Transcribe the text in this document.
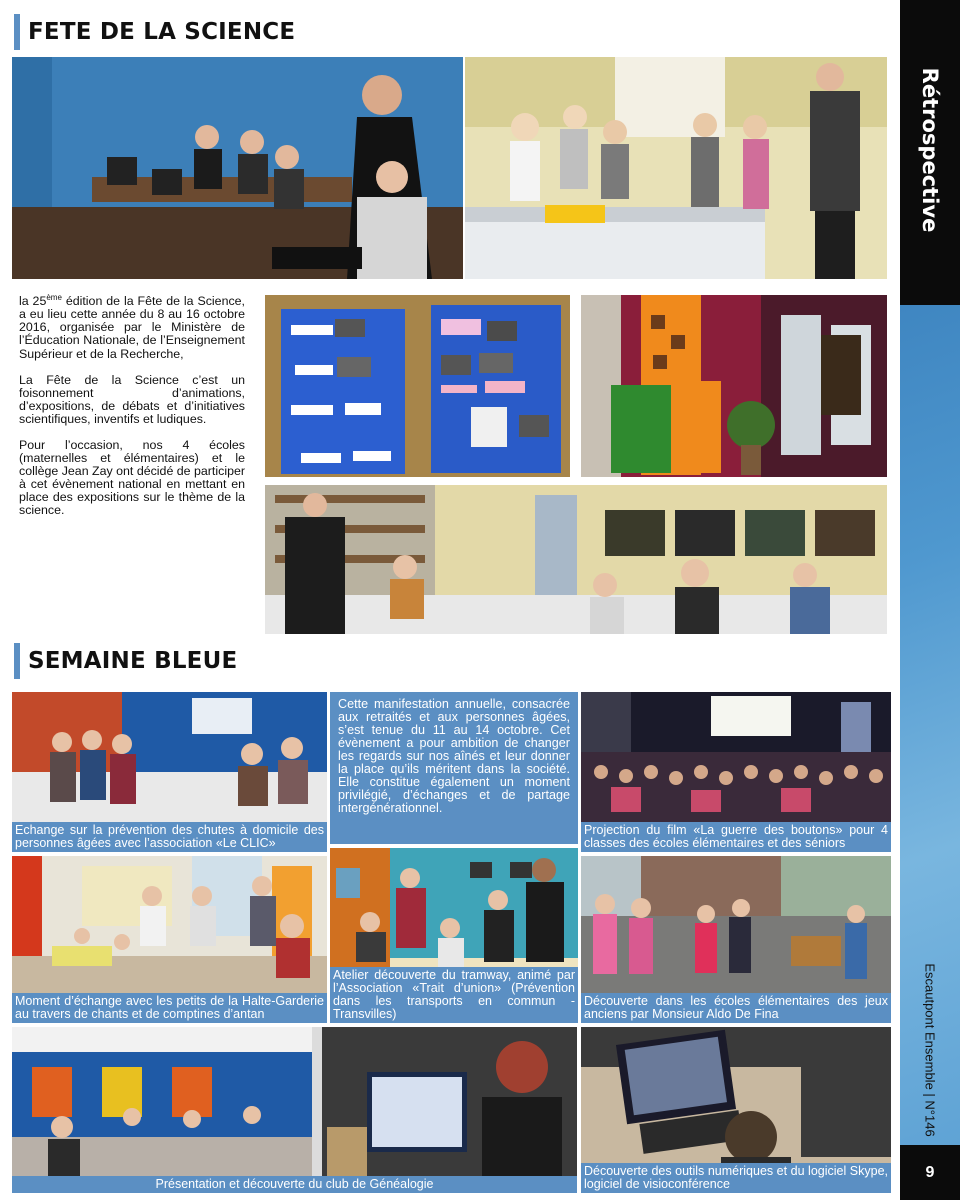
Rétrospective
Escautpont Ensemble | N°146
9
FETE DE LA SCIENCE

la 25ème édition de la Fête de la Science, a eu lieu cette année du 8 au 16 octobre 2016, organisée par le Ministère de l’Éducation Nationale, de l’Enseignement Supérieur et de la Recherche,

La Fête de la Science c’est un foisonnement d’animations, d’expositions, de débats et d’initiatives scientifiques, inventifs et ludiques.

Pour l’occasion, nos 4 écoles (maternelles et élémentaires) et le collège Jean Zay ont décidé de participer à cet évènement national en mettant en place des expositions sur le thème de la science.

SEMAINE BLEUE
Echange sur la prévention des chutes à domicile des personnes âgées avec l’association «Le CLIC»
Cette manifestation annuelle, consacrée aux retraités et aux personnes âgées, s’est tenue du 11 au 14 octobre. Cet évènement a pour ambition de changer les regards sur nos aînés et leur donner la place qu’ils méritent dans la société. Elle constitue également un moment privilégié, d’échanges et de partage intergénérationnel.
Projection du film «La guerre des boutons» pour 4 classes des écoles élémentaires et des séniors
Moment d’échange avec les petits de la Halte-Garderie au travers de chants et de comptines d’antan
Atelier découverte du tramway, animé par l’Association «Trait d’union» (Prévention dans les transports en commun - Transvilles)
Découverte dans les écoles élémentaires des jeux anciens par Monsieur Aldo De Fina
Présentation et découverte du club de Généalogie
Découverte des outils numériques et du logiciel Skype, logiciel de visioconférence
